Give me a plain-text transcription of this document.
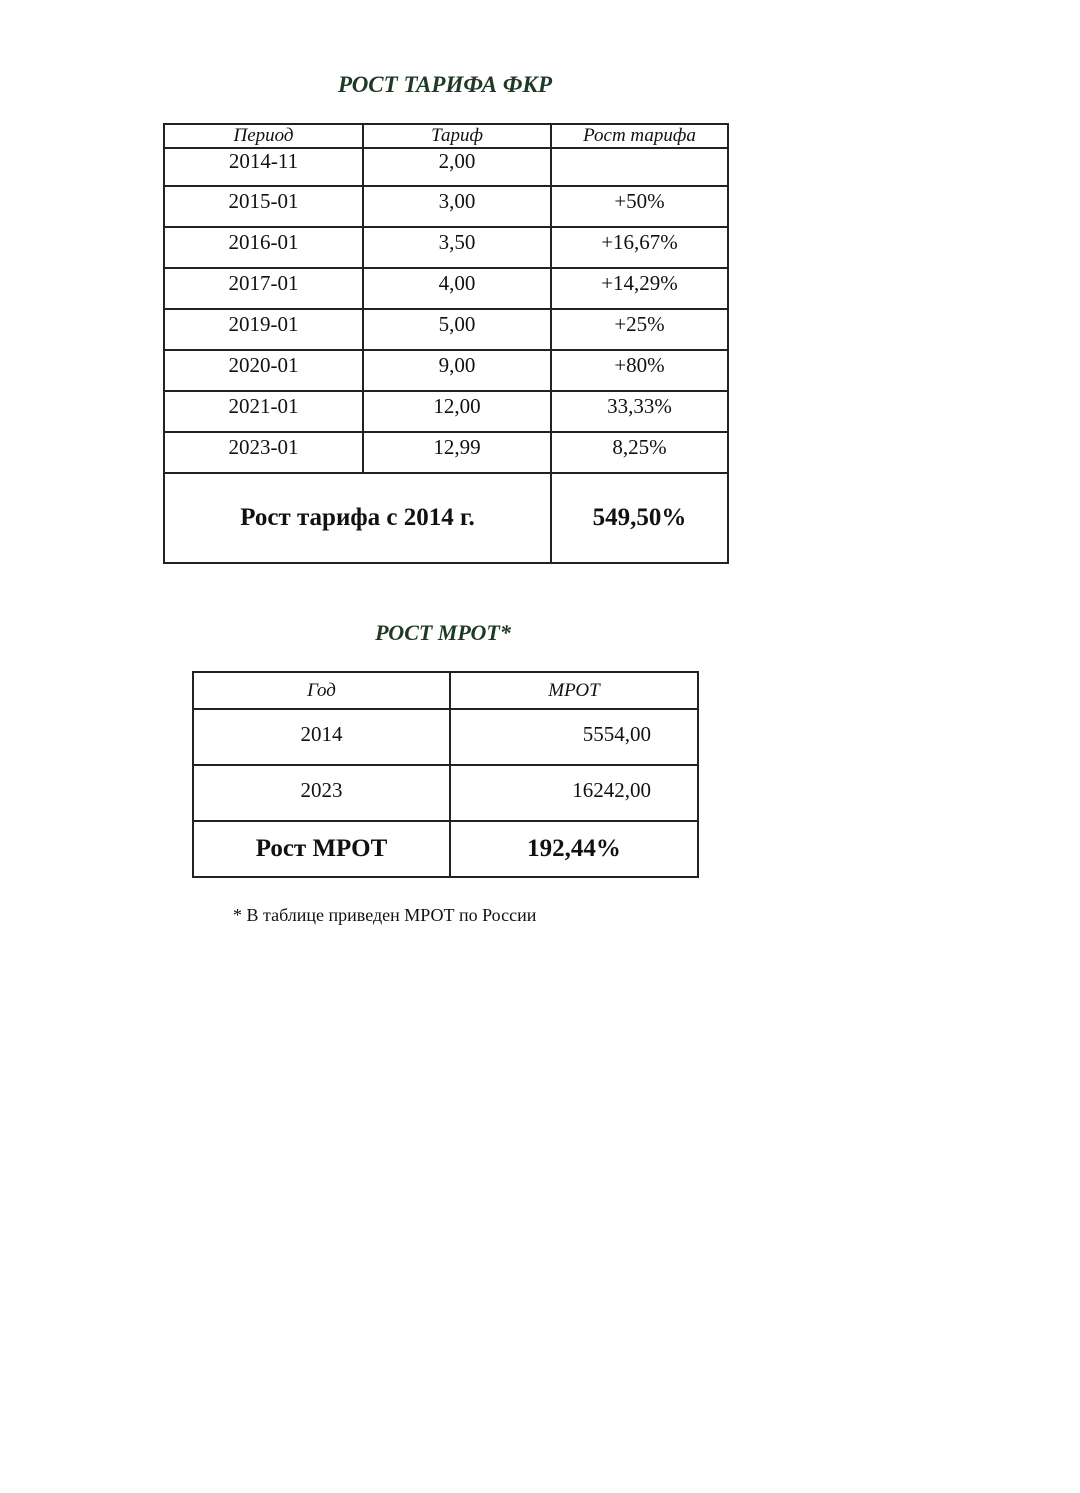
РОСТ ТАРИФА ФКР
Период	Тариф	Рост тарифа
2014-11	2,00	
2015-01	3,00	+50%
2016-01	3,50	+16,67%
2017-01	4,00	+14,29%
2019-01	5,00	+25%
2020-01	9,00	+80%
2021-01	12,00	33,33%
2023-01	12,99	8,25%
Рост тарифа с 2014 г.		549,50%
РОСТ МРОТ*
Год	МРОТ
2014	5554,00
2023	16242,00
Рост МРОТ	192,44%
* В таблице приведен МРОТ по России
